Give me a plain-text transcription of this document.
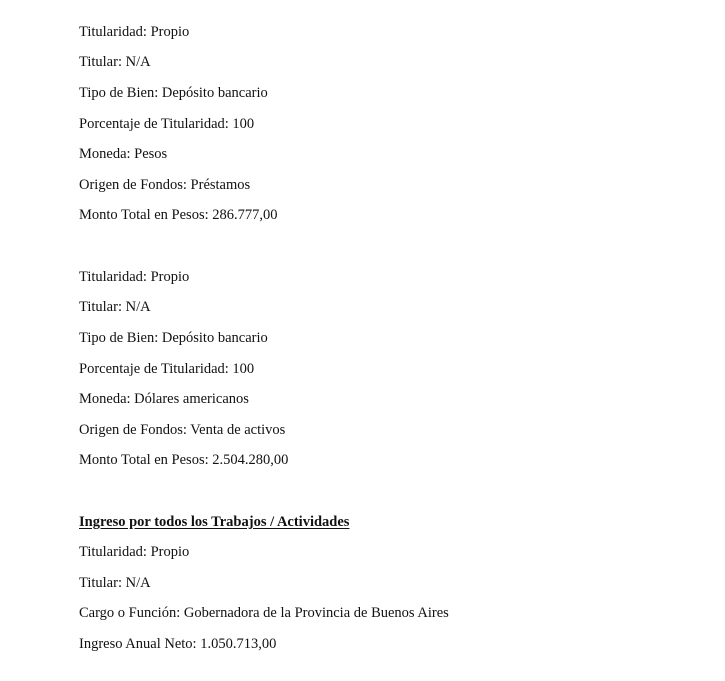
Titularidad: Propio
Titular: N/A
Tipo de Bien: Depósito bancario
Porcentaje de Titularidad: 100
Moneda: Pesos
Origen de Fondos: Préstamos
Monto Total en Pesos: 286.777,00
Titularidad: Propio
Titular: N/A
Tipo de Bien: Depósito bancario
Porcentaje de Titularidad: 100
Moneda: Dólares americanos
Origen de Fondos: Venta de activos
Monto Total en Pesos: 2.504.280,00
Ingreso por todos los Trabajos / Actividades
Titularidad: Propio
Titular: N/A
Cargo o Función: Gobernadora de la Provincia de Buenos Aires
Ingreso Anual Neto: 1.050.713,00
